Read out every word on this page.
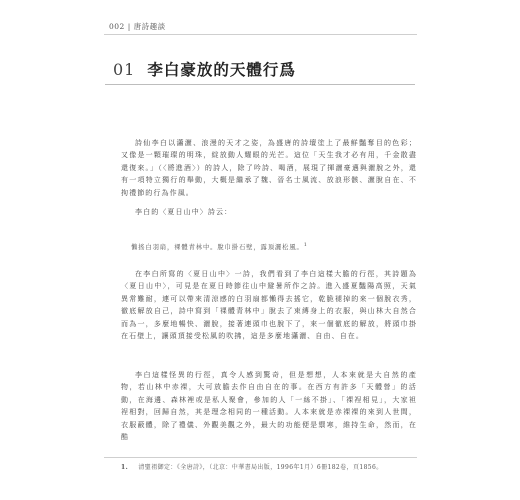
002 | 唐詩趣談
01 李白豪放的天體行爲

詩仙李白以瀟灑、浪漫的天才之姿，為盛唐的詩壇塗上了最鮮豔奪目的色彩；又像是一顆璀璨的明珠，綻放動人耀眼的光芒。這位「天生我才必有用，千金散盡還復來。」（〈將進酒〉）的詩人，除了吟詩、喝酒，展現了揮灑豪邁與灑脫之外，還有一項特立獨行的舉動，大概是繼承了魏、晉名士風流、放浪形骸、灑脫自在、不拘禮節的行為作風。

李白的〈夏日山中〉詩云：

懶搖白羽扇，裸體青林中。脫巾掛石壁，露頂灑松風。$^1$

在李白所寫的〈夏日山中〉一詩，我們看到了李白這樣大膽的行徑，其詩題為〈夏日山中〉，可見是在夏日時節往山中避暑所作之詩。進入盛夏豔陽高照，天氣異常難耐，連可以帶來清涼感的白羽扇都懶得去搖它，乾脆褪掉的來一個脫衣秀，徹底解放自己，詩中寫到「裸體青林中」脫去了束縛身上的衣服，與山林大自然合而為一，多麼地暢快、灑脫，接著連頭巾也脫下了，來一個徹底的解放，將頭巾掛在石壁上，讓頭頂接受松風的吹拂，這是多麼地瀟灑、自由、自在。

李白這樣怪異的行徑，真令人感到驚奇，但是想想，人本來就是大自然的產物，若山林中赤裸，大可放膽去作自由自在的事。在西方有許多「天體營」的活動，在海邊、森林裡或是私人聚會，參加的人「一絲不掛」、「裸裎相見」，大家袒裎相對，回歸自然，其是理念相同的一種活動。人本來就是赤裸裸的來到人世間，衣服蔽體，除了禮儀、外觀美觀之外，最大的功能便是禦寒，維持生命，然而，在酷

1. 清聖祖御定：《全唐詩》，（北京：中華書局出版，1996年1月）6冊182卷，頁1856。
